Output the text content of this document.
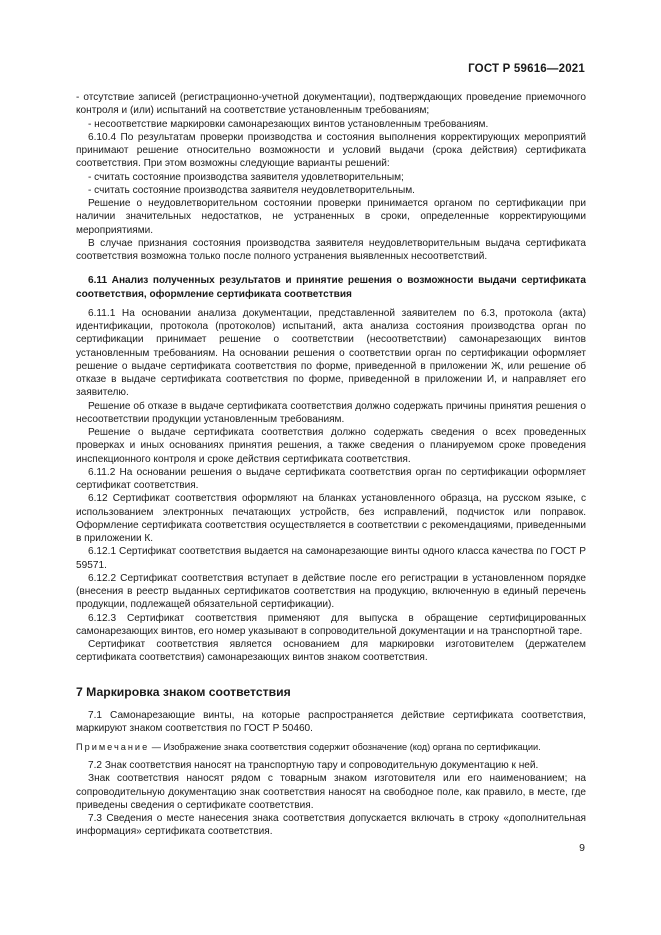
ГОСТ Р 59616—2021

- отсутствие записей (регистрационно-учетной документации), подтверждающих проведение приемочного контроля и (или) испытаний на соответствие установленным требованиям;

- несоответствие маркировки самонарезающих винтов установленным требованиям.

6.10.4 По результатам проверки производства и состояния выполнения корректирующих мероприятий принимают решение относительно возможности и условий выдачи (срока действия) сертификата соответствия. При этом возможны следующие варианты решений:

- считать состояние производства заявителя удовлетворительным;

- считать состояние производства заявителя неудовлетворительным.

Решение о неудовлетворительном состоянии проверки принимается органом по сертификации при наличии значительных недостатков, не устраненных в сроки, определенные корректирующими мероприятиями.

В случае признания состояния производства заявителя неудовлетворительным выдача сертификата соответствия возможна только после полного устранения выявленных несоответствий.

6.11 Анализ полученных результатов и принятие решения о возможности выдачи сертификата соответствия, оформление сертификата соответствия

6.11.1 На основании анализа документации, представленной заявителем по 6.3, протокола (акта) идентификации, протокола (протоколов) испытаний, акта анализа состояния производства орган по сертификации принимает решение о соответствии (несоответствии) самонарезающих винтов установленным требованиям. На основании решения о соответствии орган по сертификации оформляет решение о выдаче сертификата соответствия по форме, приведенной в приложении Ж, или решение об отказе в выдаче сертификата соответствия по форме, приведенной в приложении И, и направляет его заявителю.

Решение об отказе в выдаче сертификата соответствия должно содержать причины принятия решения о несоответствии продукции установленным требованиям.

Решение о выдаче сертификата соответствия должно содержать сведения о всех проведенных проверках и иных основаниях принятия решения, а также сведения о планируемом сроке проведения инспекционного контроля и сроке действия сертификата соответствия.

6.11.2 На основании решения о выдаче сертификата соответствия орган по сертификации оформляет сертификат соответствия.

6.12 Сертификат соответствия оформляют на бланках установленного образца, на русском языке, с использованием электронных печатающих устройств, без исправлений, подчисток или поправок. Оформление сертификата соответствия осуществляется в соответствии с рекомендациями, приведенными в приложении К.

6.12.1 Сертификат соответствия выдается на самонарезающие винты одного класса качества по ГОСТ Р 59571.

6.12.2 Сертификат соответствия вступает в действие после его регистрации в установленном порядке (внесения в реестр выданных сертификатов соответствия на продукцию, включенную в единый перечень продукции, подлежащей обязательной сертификации).

6.12.3 Сертификат соответствия применяют для выпуска в обращение сертифицированных самонарезающих винтов, его номер указывают в сопроводительной документации и на транспортной таре.

Сертификат соответствия является основанием для маркировки изготовителем (держателем сертификата соответствия) самонарезающих винтов знаком соответствия.

7 Маркировка знаком соответствия

7.1 Самонарезающие винты, на которые распространяется действие сертификата соответствия, маркируют знаком соответствия по ГОСТ Р 50460.

Примечание — Изображение знака соответствия содержит обозначение (код) органа по сертификации.

7.2 Знак соответствия наносят на транспортную тару и сопроводительную документацию к ней.

Знак соответствия наносят рядом с товарным знаком изготовителя или его наименованием; на сопроводительную документацию знак соответствия наносят на свободное поле, как правило, в месте, где приведены сведения о сертификате соответствия.

7.3 Сведения о месте нанесения знака соответствия допускается включать в строку «дополнительная информация» сертификата соответствия.

9
